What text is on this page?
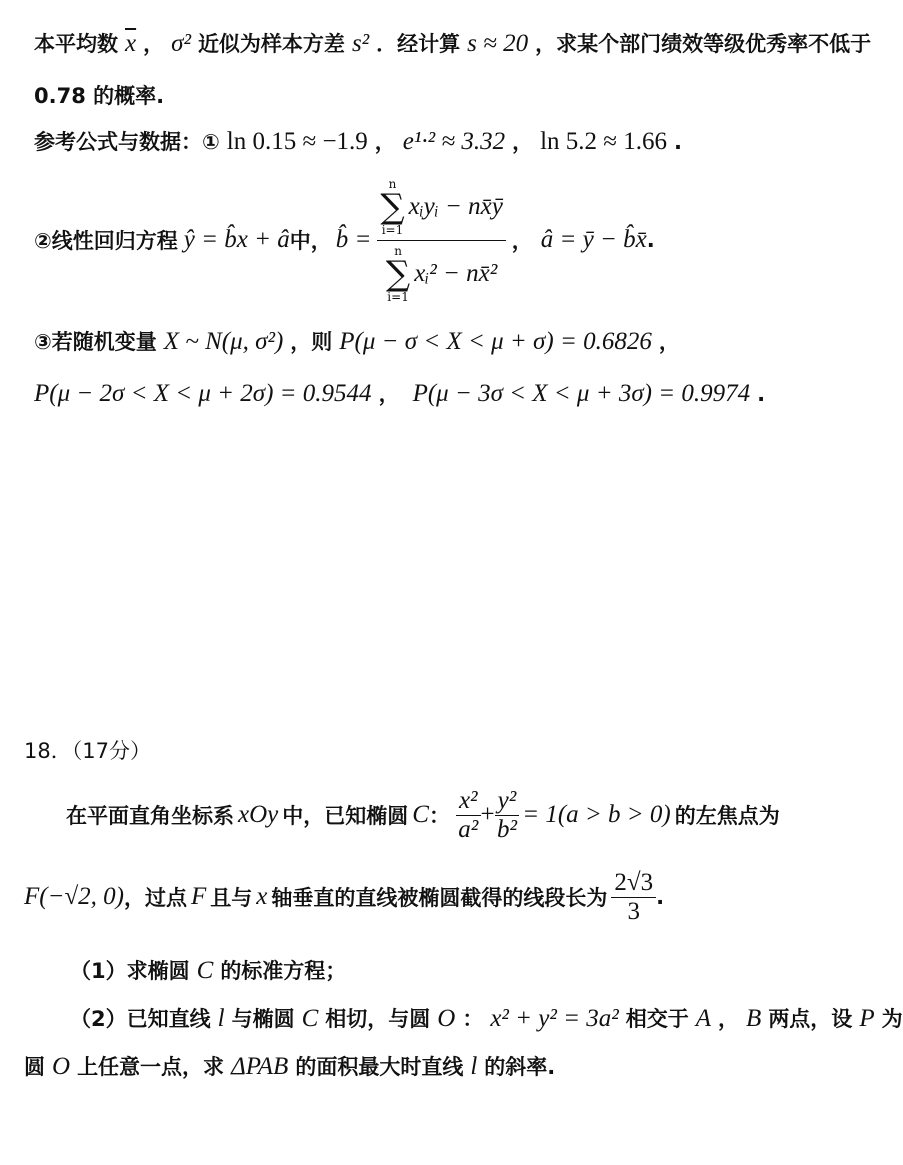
本平均数 $\overline{x}$ ， σ² 近似为样本方差 s² ．经计算 s ≈ 20 ，求某个部门绩效等级优秀率不低于
0.78 的概率.
参考公式与数据：① ln 0.15 ≈ −1.9 ， e¹·² ≈ 3.32 ， ln 5.2 ≈ 1.66 .
②线性回归方程 ŷ = b̂x + â 中， b̂ = n
∑
i=1
xᵢyᵢ − nx̄ȳ
n
∑
i=1
xᵢ² − nx̄² ， â = ȳ − b̂x̄ .
③若随机变量 X ~ N(μ, σ²) ，则 P(μ − σ < X < μ + σ) = 0.6826 ，
P(μ − 2σ < X < μ + 2σ) = 0.9544 ， P(μ − 3σ < X < μ + 3σ) = 0.9974 .
18．（17分）
在平面直角坐标系 xOy 中，已知椭圆 C ： $\frac{\text{x²}}{\text{a²}} + \frac{\text{y²}}{\text{b²}} = 1(a > b > 0)$ 的左焦点为
F(−√2, 0) ，过点 F 且与 x 轴垂直的直线被椭圆截得的线段长为 $\frac{2√3}{3}$ .
（1）求椭圆 C 的标准方程；
（2）已知直线 l 与椭圆 C 相切，与圆 O ： x² + y² = 3a² 相交于 A ， B 两点，设 P 为
圆 O 上任意一点，求 ΔPAB 的面积最大时直线 l 的斜率.
